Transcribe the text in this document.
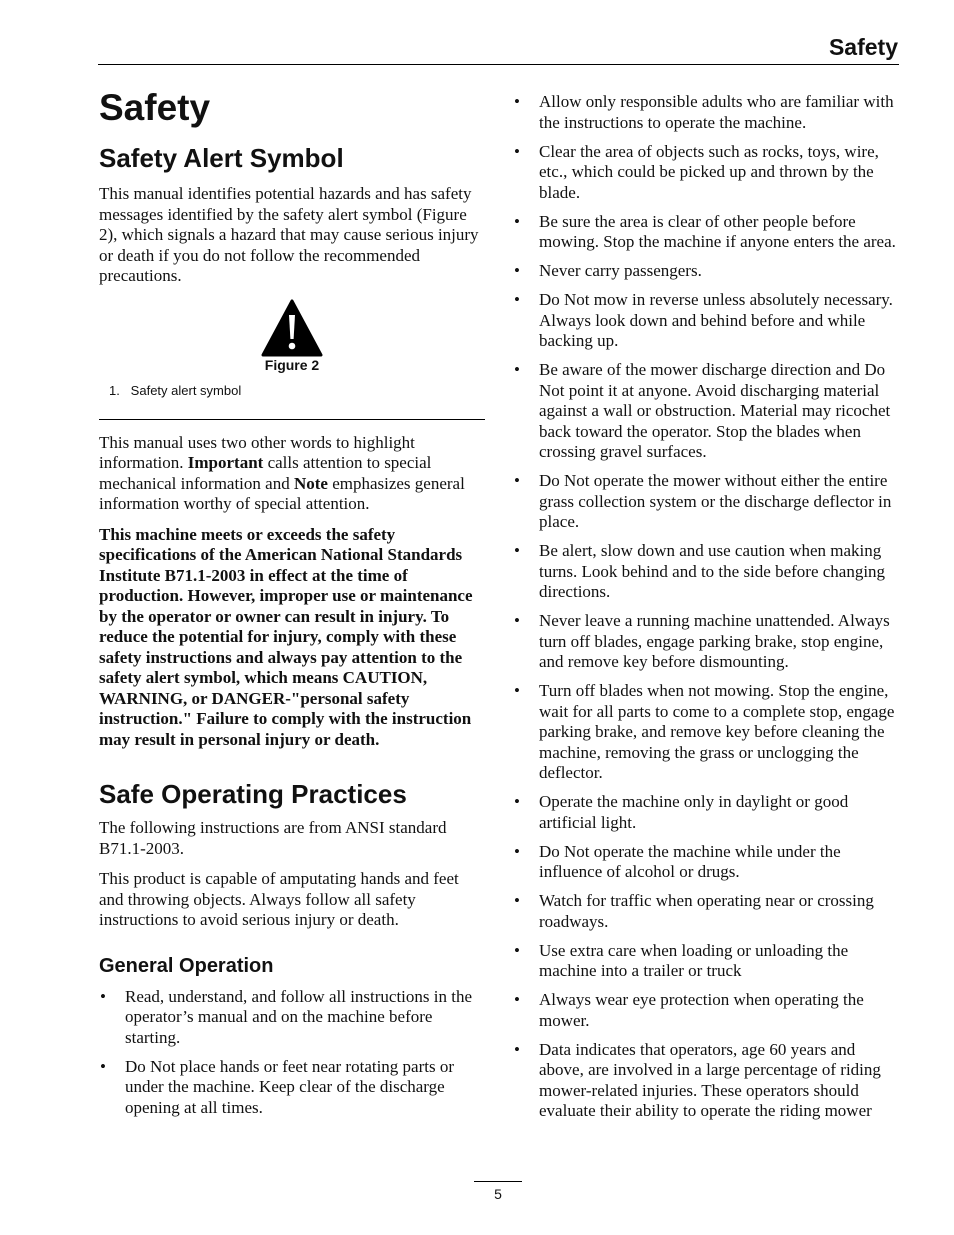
Safety
Safety
Safety Alert Symbol

This manual identifies potential hazards and has safety messages identified by the safety alert symbol (Figure 2), which signals a hazard that may cause serious injury or death if you do not follow the recommended precautions.

Figure 2
1.   Safety alert symbol

This manual uses two other words to highlight information. Important calls attention to special mechanical information and Note emphasizes general information worthy of special attention.

This machine meets or exceeds the safety specifications of the American National Standards Institute B71.1-2003 in effect at the time of production. However, improper use or maintenance by the operator or owner can result in injury. To reduce the potential for injury, comply with these safety instructions and always pay attention to the safety alert symbol, which means CAUTION, WARNING, or DANGER-"personal safety instruction." Failure to comply with the instruction may result in personal injury or death.

Safe Operating Practices

The following instructions are from ANSI standard B71.1-2003.

This product is capable of amputating hands and feet and throwing objects. Always follow all safety instructions to avoid serious injury or death.

General Operation
• Read, understand, and follow all instructions in the operator’s manual and on the machine before starting.
• Do Not place hands or feet near rotating parts or under the machine. Keep clear of the discharge opening at all times.
• Allow only responsible adults who are familiar with the instructions to operate the machine.
• Clear the area of objects such as rocks, toys, wire, etc., which could be picked up and thrown by the blade.
• Be sure the area is clear of other people before mowing. Stop the machine if anyone enters the area.
• Never carry passengers.
• Do Not mow in reverse unless absolutely necessary. Always look down and behind before and while backing up.
• Be aware of the mower discharge direction and Do Not point it at anyone. Avoid discharging material against a wall or obstruction. Material may ricochet back toward the operator. Stop the blades when crossing gravel surfaces.
• Do Not operate the mower without either the entire grass collection system or the discharge deflector in place.
• Be alert, slow down and use caution when making turns. Look behind and to the side before changing directions.
• Never leave a running machine unattended. Always turn off blades, engage parking brake, stop engine, and remove key before dismounting.
• Turn off blades when not mowing. Stop the engine, wait for all parts to come to a complete stop, engage parking brake, and remove key before cleaning the machine, removing the grass or unclogging the deflector.
• Operate the machine only in daylight or good artificial light.
• Do Not operate the machine while under the influence of alcohol or drugs.
• Watch for traffic when operating near or crossing roadways.
• Use extra care when loading or unloading the machine into a trailer or truck
• Always wear eye protection when operating the mower.
• Data indicates that operators, age 60 years and above, are involved in a large percentage of riding mower-related injuries. These operators should evaluate their ability to operate the riding mower
5
